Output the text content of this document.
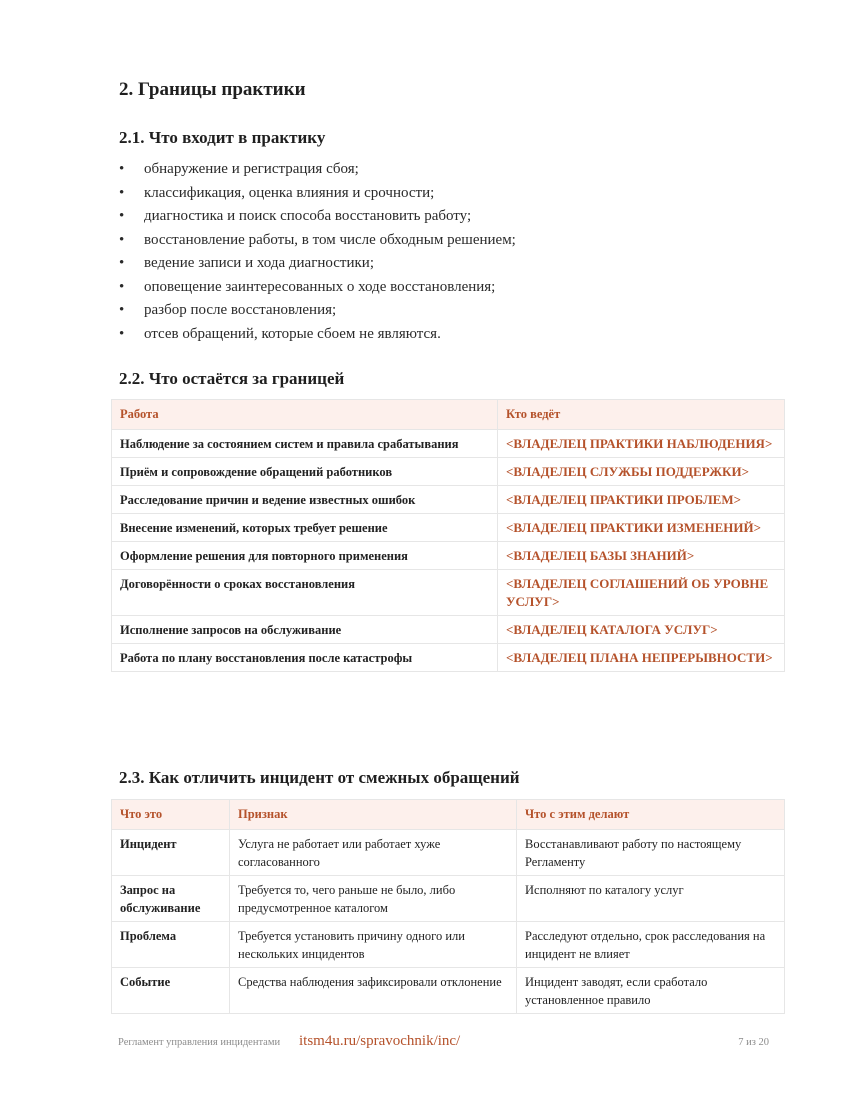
2. Границы практики
2.1. Что входит в практику
• обнаружение и регистрация сбоя;
• классификация, оценка влияния и срочности;
• диагностика и поиск способа восстановить работу;
• восстановление работы, в том числе обходным решением;
• ведение записи и хода диагностики;
• оповещение заинтересованных о ходе восстановления;
• разбор после восстановления;
• отсев обращений, которые сбоем не являются.
2.2. Что остаётся за границей
Работа	Кто ведёт
Наблюдение за состоянием систем и правила срабатывания	<ВЛАДЕЛЕЦ ПРАКТИКИ НАБЛЮДЕНИЯ>
Приём и сопровождение обращений работников	<ВЛАДЕЛЕЦ СЛУЖБЫ ПОДДЕРЖКИ>
Расследование причин и ведение известных ошибок	<ВЛАДЕЛЕЦ ПРАКТИКИ ПРОБЛЕМ>
Внесение изменений, которых требует решение	<ВЛАДЕЛЕЦ ПРАКТИКИ ИЗМЕНЕНИЙ>
Оформление решения для повторного применения	<ВЛАДЕЛЕЦ БАЗЫ ЗНАНИЙ>
Договорённости о сроках восстановления	<ВЛАДЕЛЕЦ СОГЛАШЕНИЙ ОБ УРОВНЕ УСЛУГ>
Исполнение запросов на обслуживание	<ВЛАДЕЛЕЦ КАТАЛОГА УСЛУГ>
Работа по плану восстановления после катастрофы	<ВЛАДЕЛЕЦ ПЛАНА НЕПРЕРЫВНОСТИ>
2.3. Как отличить инцидент от смежных обращений
Что это	Признак	Что с этим делают
Инцидент	Услуга не работает или работает хуже согласованного	Восстанавливают работу по настоящему Регламенту
Запрос на обслуживание	Требуется то, чего раньше не было, либо предусмотренное каталогом	Исполняют по каталогу услуг
Проблема	Требуется установить причину одного или нескольких инцидентов	Расследуют отдельно, срок расследования на инцидент не влияет
Событие	Средства наблюдения зафиксировали отклонение	Инцидент заводят, если сработало установленное правило
Регламент управления инцидентами itsm4u.ru/spravochnik/inc/	7 из 20
